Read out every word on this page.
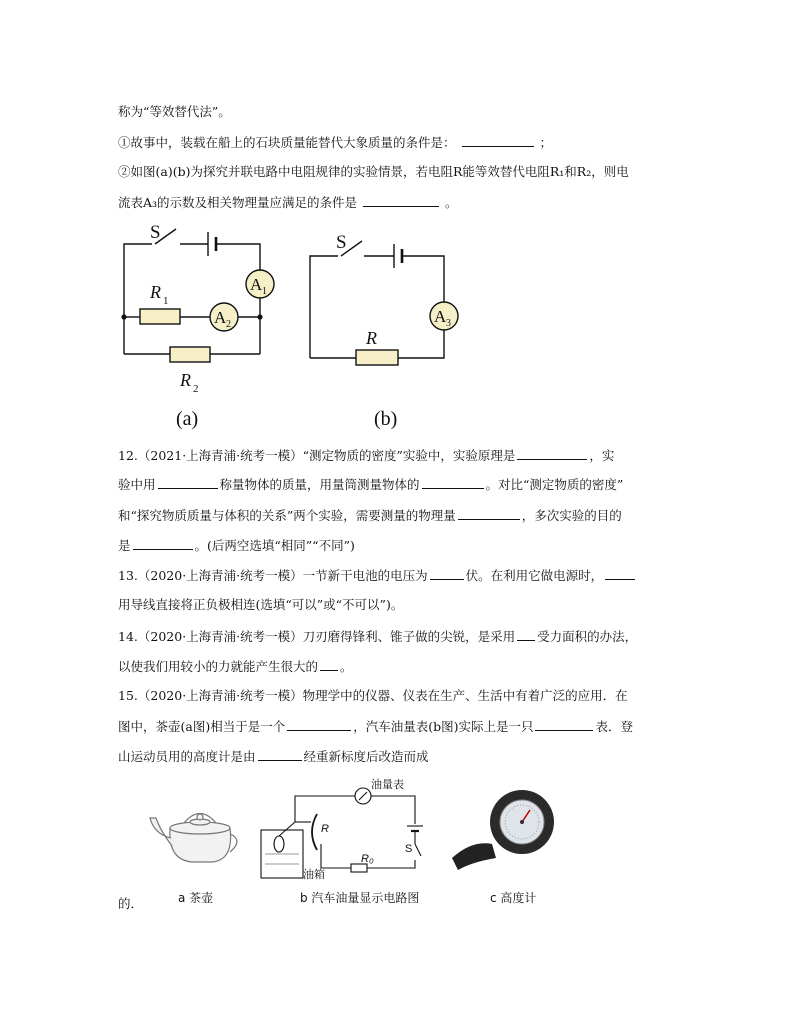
称为“等效替代法”。
①故事中，装载在船上的石块质量能替代大象质量的条件是：	；
②如图(a)(b)为探究并联电路中电阻规律的实验情景，若电阻R能等效替代电阻R₁和R₂，则电
流表A₃的示数及相关物理量应满足的条件是	。
S
R 1
R 2
A 1
A 2
(a)
S
R
A 3
(b)
12.（2021·上海青浦·统考一模）“测定物质的密度”实验中，实验原理是	，实
验中用	称量物体的质量，用量筒测量物体的	。对比“测定物质的密度”
和“探究物质质量与体积的关系”两个实验，需要测量的物理量	，多次实验的目的
是	。(后两空选填“相同”“不同”)
13.（2020·上海青浦·统考一模）一节新干电池的电压为	伏。在利用它做电源时，
用导线直接将正负极相连(选填“可以”或“不可以”)。
14.（2020·上海青浦·统考一模）刀刃磨得锋利、锥子做的尖锐，是采用 受力面积的办法，
以使我们用较小的力就能产生很大的 。
15.（2020·上海青浦·统考一模）物理学中的仪器、仪表在生产、生活中有着广泛的应用．在
图中，茶壶(a图)相当于是一个	，汽车油量表(b图)实际上是一只	表．登
山运动员用的高度计是由	经重新标度后改造而成
油量表
R
R₀
S
油箱
a 茶壶	b 汽车油量显示电路图	c 高度计
的．
